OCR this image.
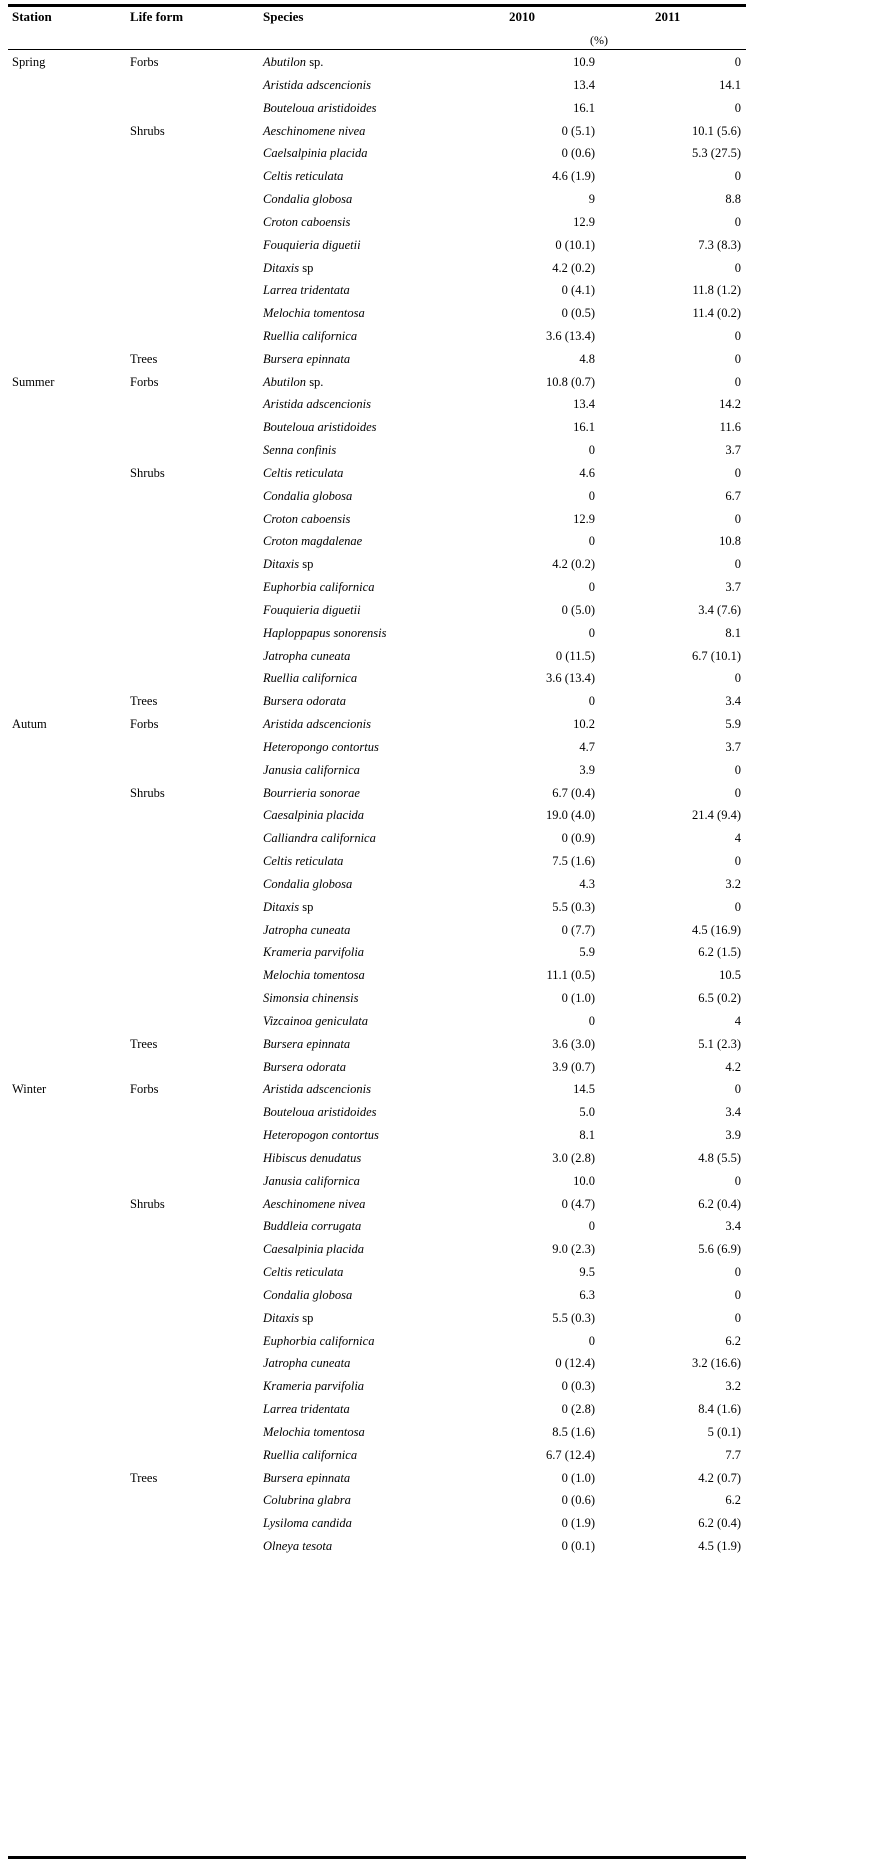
Station	Life form	Species	2010	2011
(%)
Spring	Forbs	Abutilon sp.	10.9	0
Aristida adscencionis	13.4	14.1
Bouteloua aristidoides	16.1	0
Shrubs	Aeschinomene nivea	0 (5.1)	10.1 (5.6)
Caelsalpinia placida	0 (0.6)	5.3 (27.5)
Celtis reticulata	4.6 (1.9)	0
Condalia globosa	9	8.8
Croton caboensis	12.9	0
Fouquieria diguetii	0 (10.1)	7.3 (8.3)
Ditaxis sp	4.2 (0.2)	0
Larrea tridentata	0 (4.1)	11.8 (1.2)
Melochia tomentosa	0 (0.5)	11.4 (0.2)
Ruellia californica	3.6 (13.4)	0
Trees	Bursera epinnata	4.8	0
Summer	Forbs	Abutilon sp.	10.8 (0.7)	0
Aristida adscencionis	13.4	14.2
Bouteloua aristidoides	16.1	11.6
Senna confinis	0	3.7
Shrubs	Celtis reticulata	4.6	0
Condalia globosa	0	6.7
Croton caboensis	12.9	0
Croton magdalenae	0	10.8
Ditaxis sp	4.2 (0.2)	0
Euphorbia californica	0	3.7
Fouquieria diguetii	0 (5.0)	3.4 (7.6)
Haploppapus sonorensis	0	8.1
Jatropha cuneata	0 (11.5)	6.7 (10.1)
Ruellia californica	3.6 (13.4)	0
Trees	Bursera odorata	0	3.4
Autum	Forbs	Aristida adscencionis	10.2	5.9
Heteropongo contortus	4.7	3.7
Janusia californica	3.9	0
Shrubs	Bourrieria sonorae	6.7 (0.4)	0
Caesalpinia placida	19.0 (4.0)	21.4 (9.4)
Calliandra californica	0 (0.9)	4
Celtis reticulata	7.5 (1.6)	0
Condalia globosa	4.3	3.2
Ditaxis sp	5.5 (0.3)	0
Jatropha cuneata	0 (7.7)	4.5 (16.9)
Krameria parvifolia	5.9	6.2 (1.5)
Melochia tomentosa	11.1 (0.5)	10.5
Simonsia chinensis	0 (1.0)	6.5 (0.2)
Vizcainoa geniculata	0	4
Trees	Bursera epinnata	3.6 (3.0)	5.1 (2.3)
Bursera odorata	3.9 (0.7)	4.2
Winter	Forbs	Aristida adscencionis	14.5	0
Bouteloua aristidoides	5.0	3.4
Heteropogon contortus	8.1	3.9
Hibiscus denudatus	3.0 (2.8)	4.8 (5.5)
Janusia californica	10.0	0
Shrubs	Aeschinomene nivea	0 (4.7)	6.2 (0.4)
Buddleia corrugata	0	3.4
Caesalpinia placida	9.0 (2.3)	5.6 (6.9)
Celtis reticulata	9.5	0
Condalia globosa	6.3	0
Ditaxis sp	5.5 (0.3)	0
Euphorbia californica	0	6.2
Jatropha cuneata	0 (12.4)	3.2 (16.6)
Krameria parvifolia	0 (0.3)	3.2
Larrea tridentata	0 (2.8)	8.4 (1.6)
Melochia tomentosa	8.5 (1.6)	5 (0.1)
Ruellia californica	6.7 (12.4)	7.7
Trees	Bursera epinnata	0 (1.0)	4.2 (0.7)
Colubrina glabra	0 (0.6)	6.2
Lysiloma candida	0 (1.9)	6.2 (0.4)
Olneya tesota	0 (0.1)	4.5 (1.9)
